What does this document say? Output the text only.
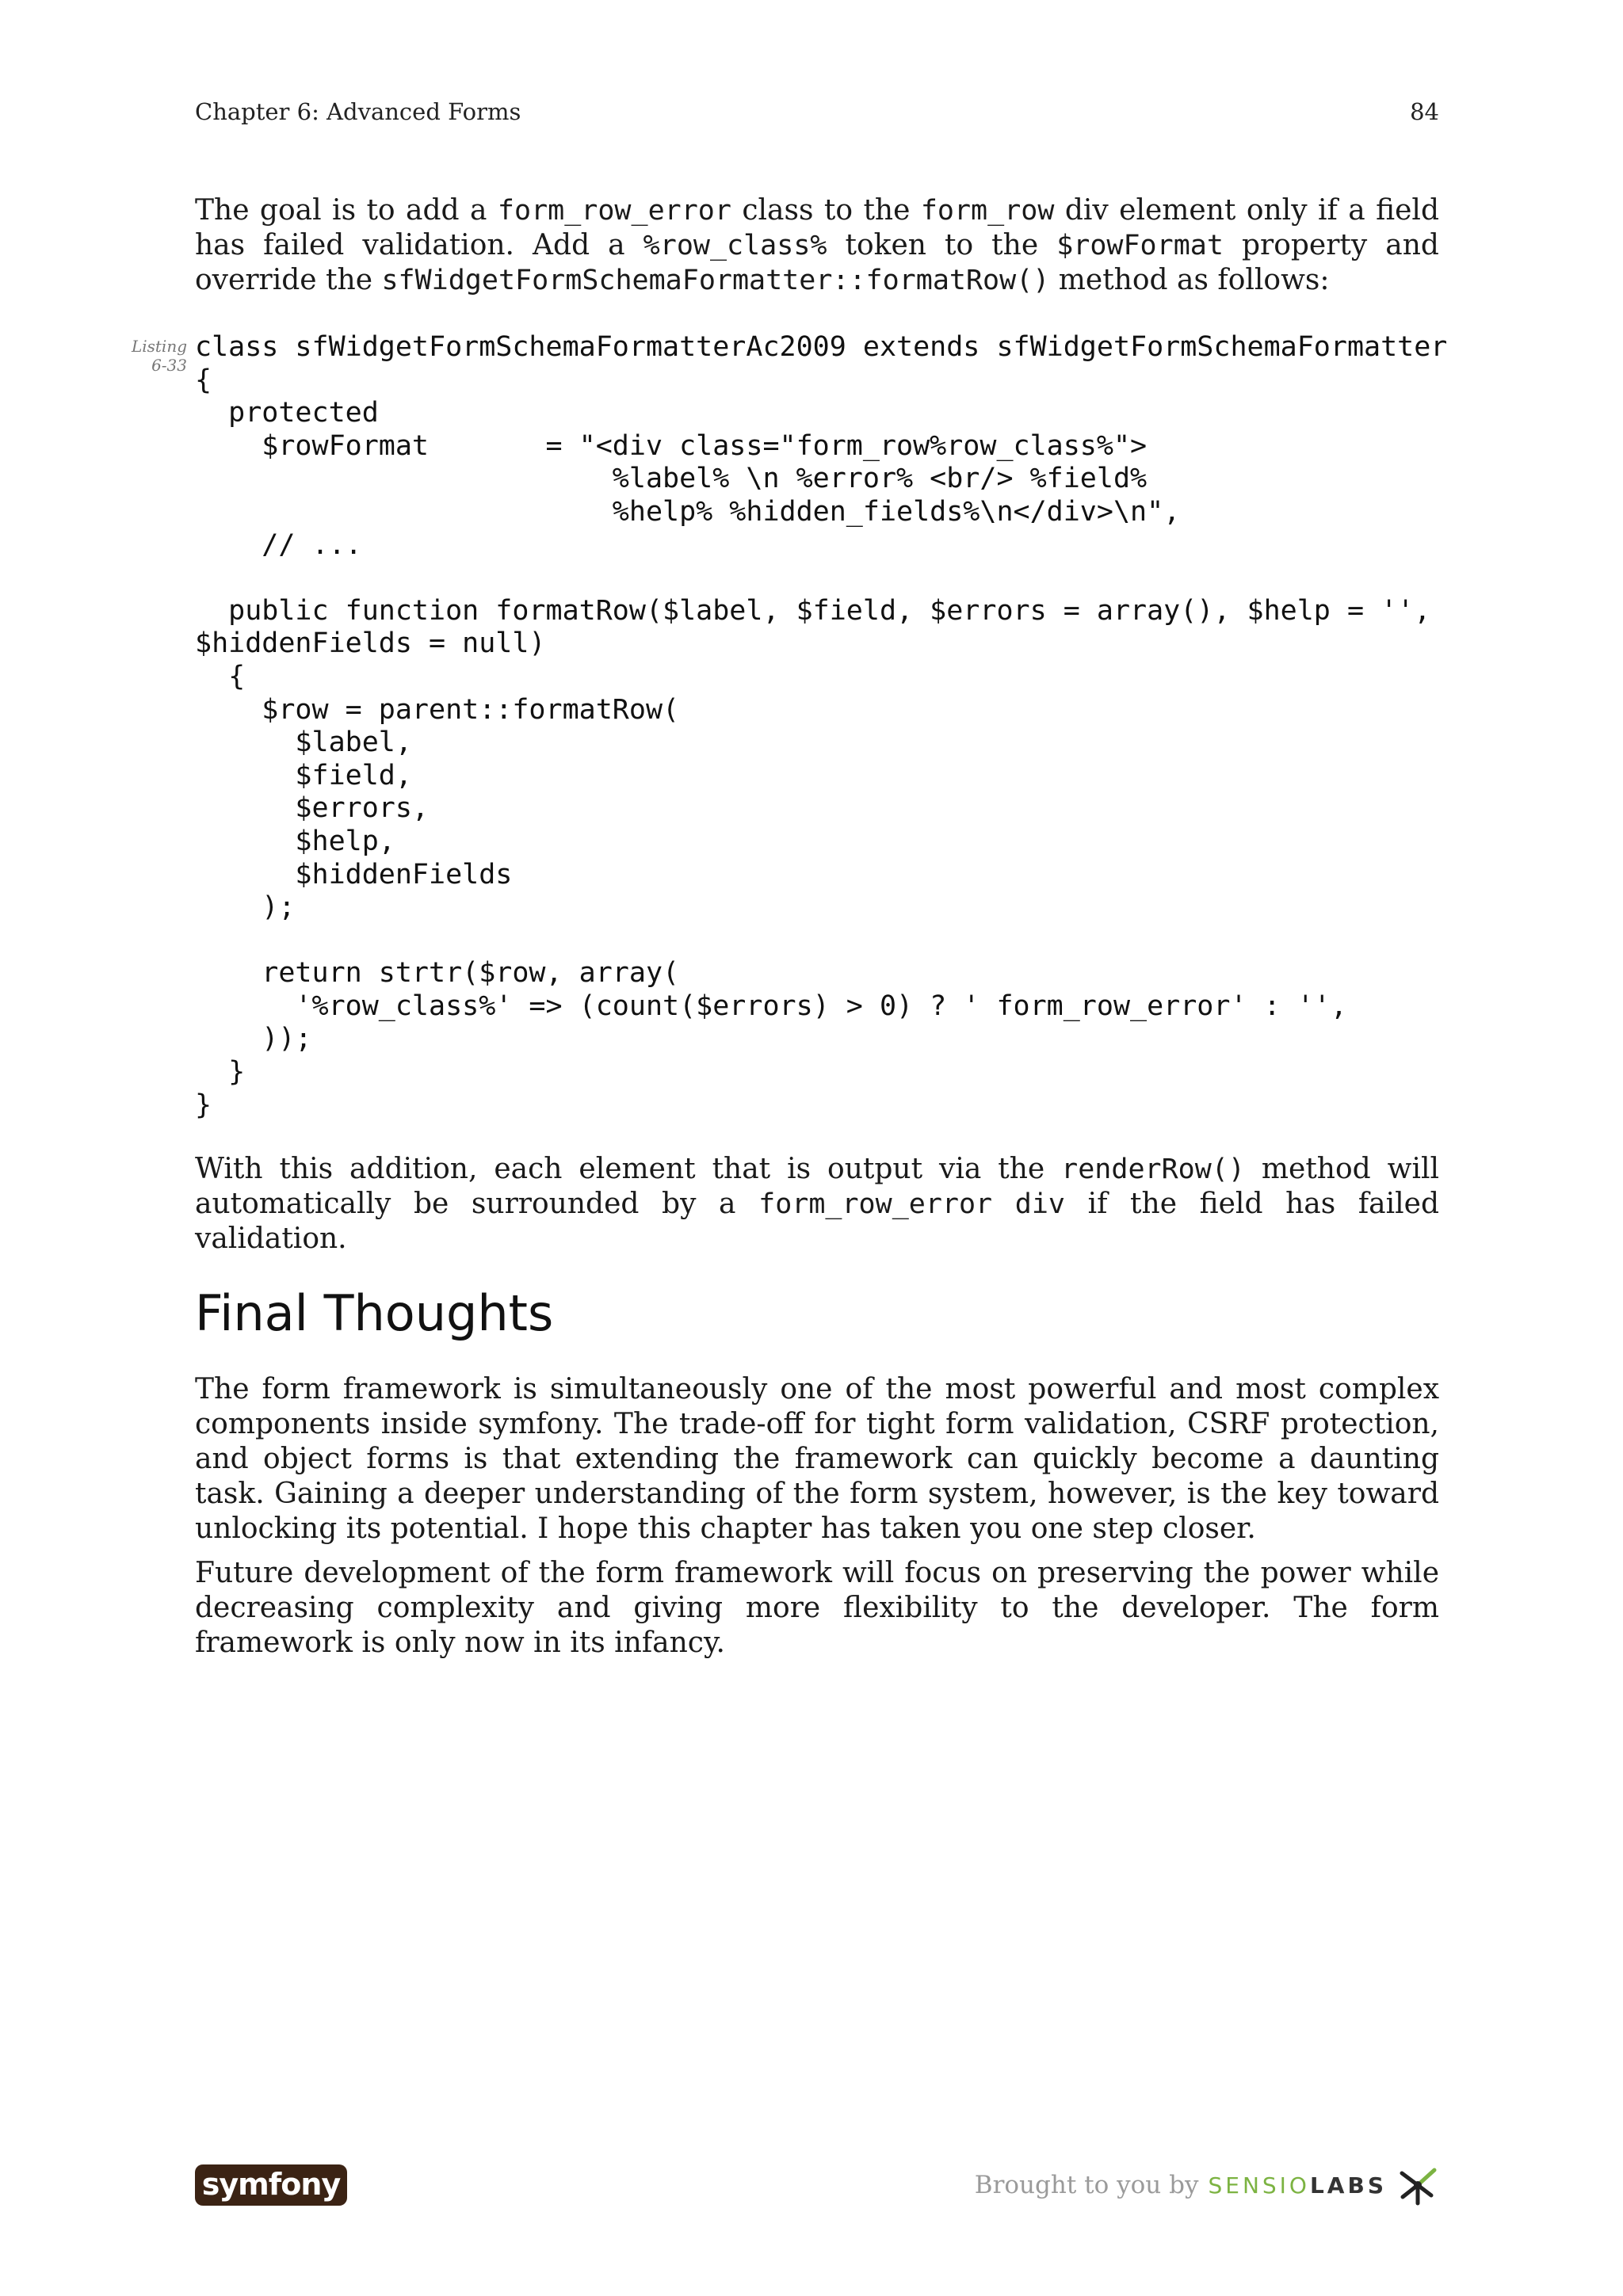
Chapter 6: Advanced Forms	84

The goal is to add a form_row_error class to the form_row div element only if a field has failed validation. Add a %row_class% token to the $rowFormat property and override the sfWidgetFormSchemaFormatter::formatRow() method as follows:

Listing
6-33
class sfWidgetFormSchemaFormatterAc2009 extends sfWidgetFormSchemaFormatter
{
protected
$rowFormat       = "<div class="form_row%row_class%">
%label% \n %error% <br/> %field%
%help% %hidden_fields%\n</div>\n",
// ...

public function formatRow($label, $field, $errors = array(), $help = '',
$hiddenFields = null)
{
$row = parent::formatRow(
$label,
$field,
$errors,
$help,
$hiddenFields
);

return strtr($row, array(
'%row_class%' => (count($errors) > 0) ? ' form_row_error' : '',
));
}
}

With this addition, each element that is output via the renderRow() method will automatically be surrounded by a form_row_error div if the field has failed validation.

Final Thoughts

The form framework is simultaneously one of the most powerful and most complex components inside symfony. The trade-off for tight form validation, CSRF protection, and object forms is that extending the framework can quickly become a daunting task. Gaining a deeper understanding of the form system, however, is the key toward unlocking its potential. I hope this chapter has taken you one step closer.

Future development of the form framework will focus on preserving the power while decreasing complexity and giving more flexibility to the developer. The form framework is only now in its infancy.

symfony	Brought to you by SENSIOLABS
